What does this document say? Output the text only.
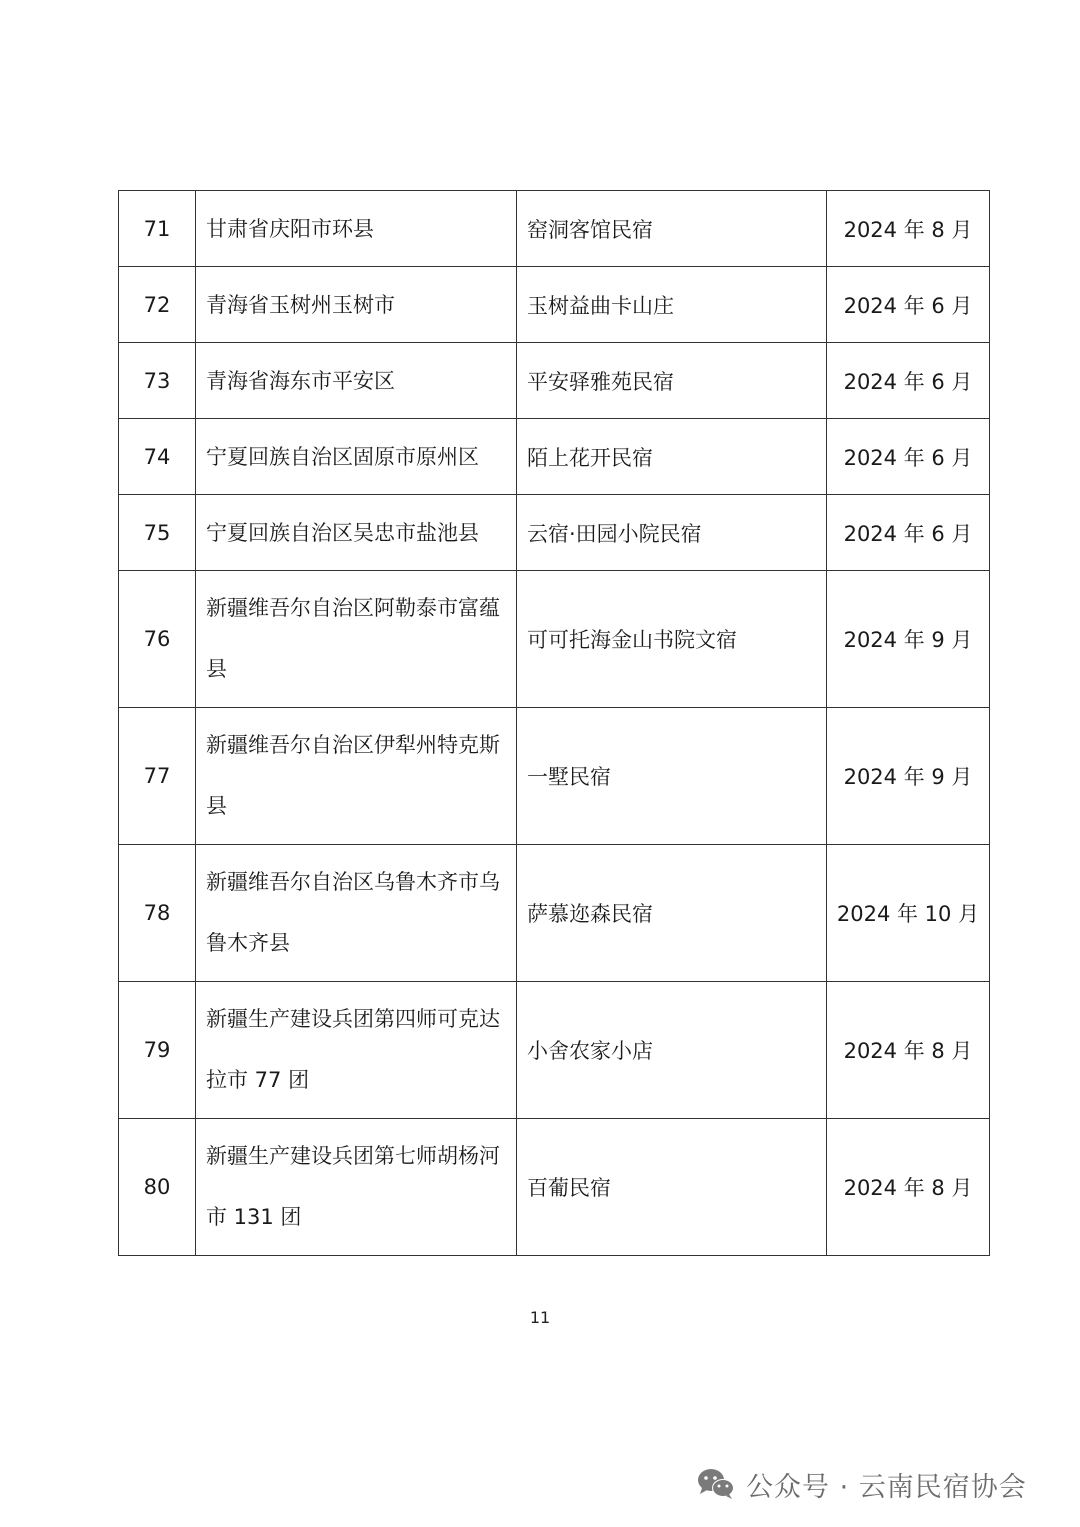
71	甘肃省庆阳市环县	窑洞客馆民宿	2024 年 8 月
72	青海省玉树州玉树市	玉树益曲卡山庄	2024 年 6 月
73	青海省海东市平安区	平安驿雅苑民宿	2024 年 6 月
74	宁夏回族自治区固原市原州区	陌上花开民宿	2024 年 6 月
75	宁夏回族自治区吴忠市盐池县	云宿·田园小院民宿	2024 年 6 月
76	新疆维吾尔自治区阿勒泰市富蕴县	可可托海金山书院文宿	2024 年 9 月
77	新疆维吾尔自治区伊犁州特克斯县	一墅民宿	2024 年 9 月
78	新疆维吾尔自治区乌鲁木齐市乌鲁木齐县	萨慕迩森民宿	2024 年 10 月
79	新疆生产建设兵团第四师可克达拉市 77 团	小舍农家小店	2024 年 8 月
80	新疆生产建设兵团第七师胡杨河市 131 团	百葡民宿	2024 年 8 月
11
公众号 · 云南民宿协会
